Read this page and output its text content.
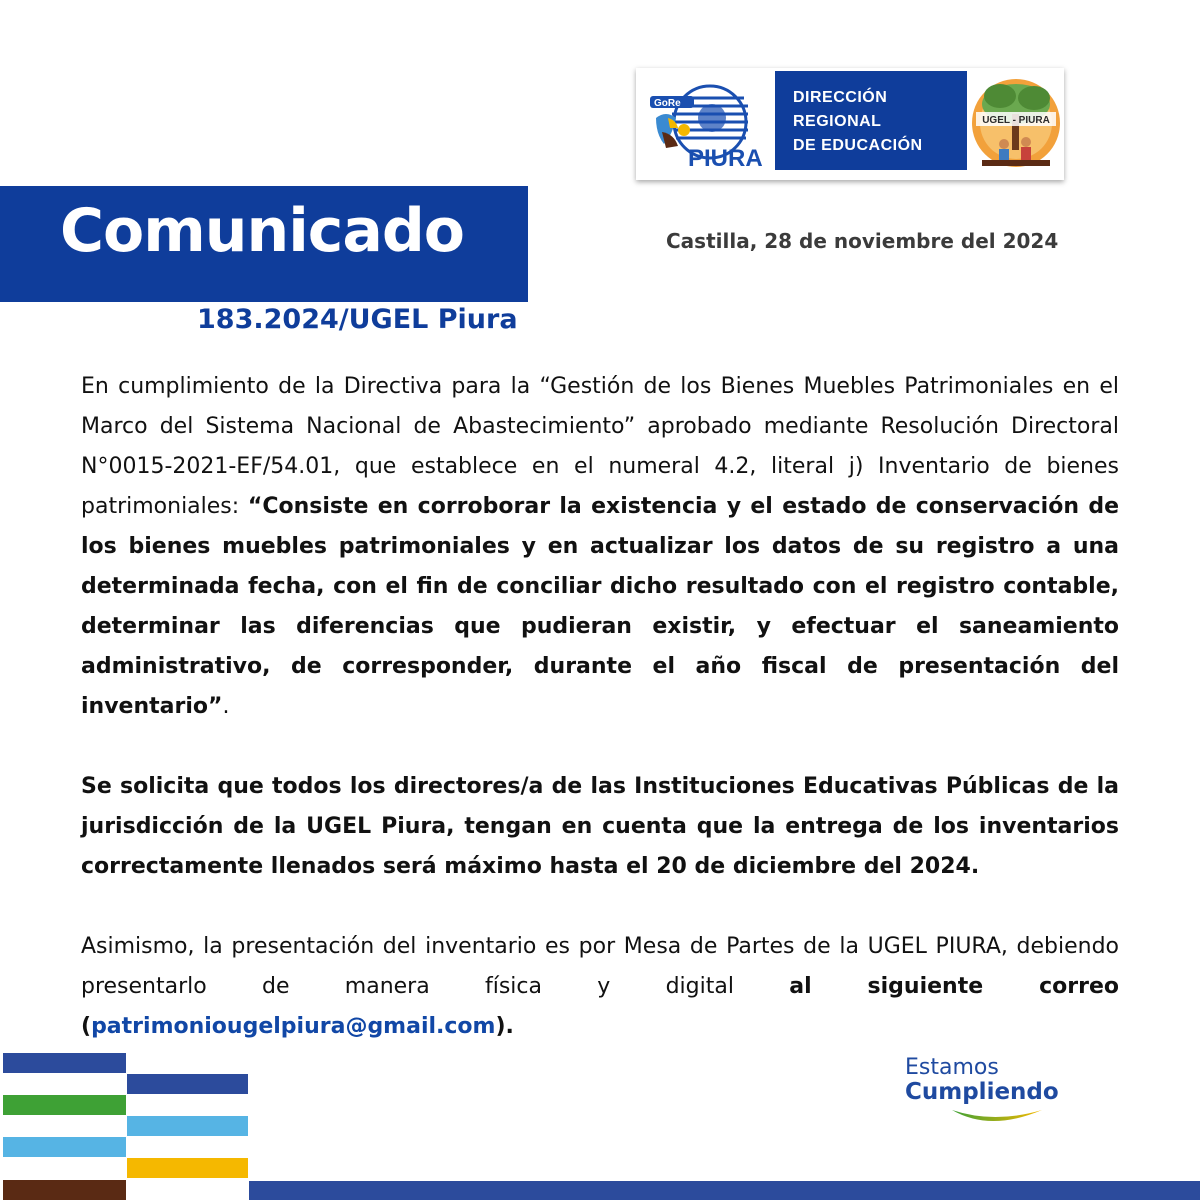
GoRe
PIURA
DIRECCIÓN
REGIONAL
DE EDUCACIÓN
UGEL - PIURA
Comunicado
183.2024/UGEL Piura
Castilla, 28 de noviembre del 2024

En cumplimiento de la Directiva para la “Gestión de los Bienes Muebles Patrimoniales en el Marco del Sistema Nacional de Abastecimiento” aprobado mediante Resolución Directoral N°0015-2021-EF/54.01, que establece en el numeral 4.2, literal j) Inventario de bienes patrimoniales: “Consiste en corroborar la existencia y el estado de conservación de los bienes muebles patrimoniales y en actualizar los datos de su registro a una determinada fecha, con el fin de conciliar dicho resultado con el registro contable, determinar las diferencias que pudieran existir, y efectuar el saneamiento administrativo, de corresponder, durante el año fiscal de presentación del inventario”.

Se solicita que todos los directores/a de las Instituciones Educativas Públicas de la jurisdicción de la UGEL Piura, tengan en cuenta que la entrega de los inventarios correctamente llenados será máximo hasta el 20 de diciembre del 2024.

Asimismo, la presentación del inventario es por Mesa de Partes de la UGEL PIURA, debiendo presentarlo de manera física y digital al siguiente correo (patrimoniougelpiura@gmail.com).

Estamos
Cumpliendo
